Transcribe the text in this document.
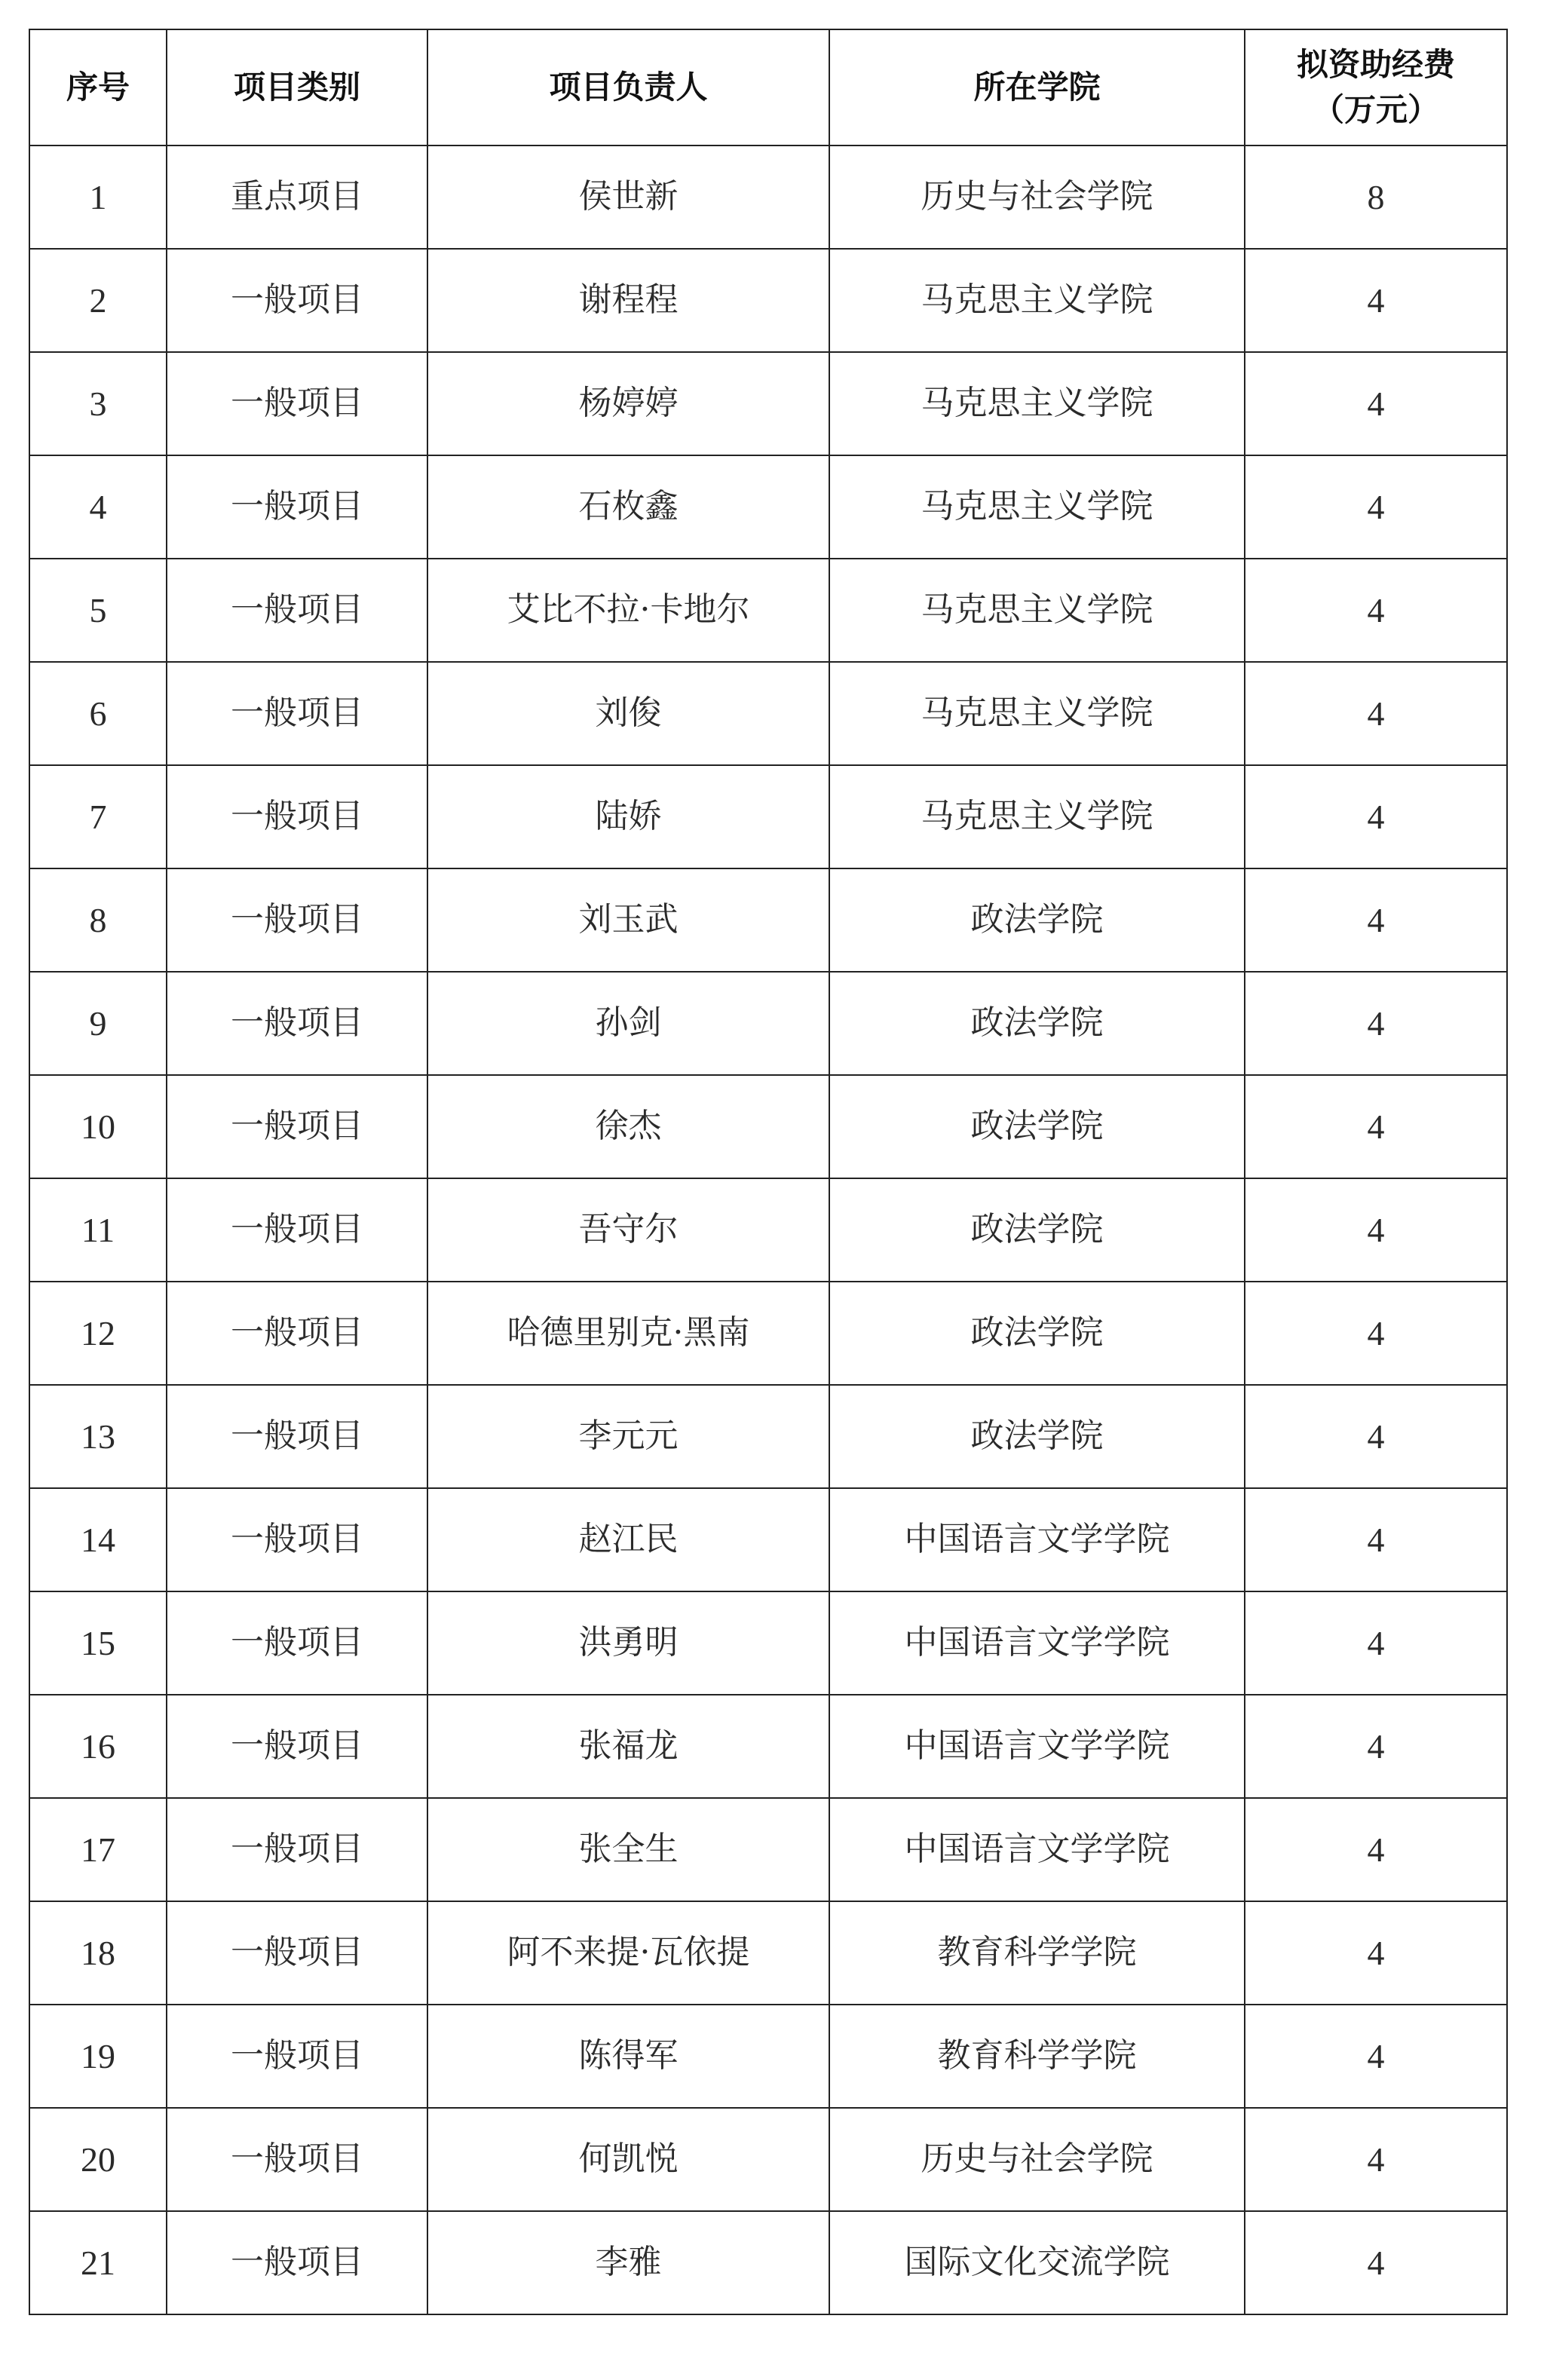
序号	项目类别	项目负责人	所在学院	拟资助经费
（万元）

1	重点项目	侯世新	历史与社会学院	8
2	一般项目	谢程程	马克思主义学院	4
3	一般项目	杨婷婷	马克思主义学院	4
4	一般项目	石枚鑫	马克思主义学院	4
5	一般项目	艾比不拉·卡地尔	马克思主义学院	4
6	一般项目	刘俊	马克思主义学院	4
7	一般项目	陆娇	马克思主义学院	4
8	一般项目	刘玉武	政法学院	4
9	一般项目	孙剑	政法学院	4
10	一般项目	徐杰	政法学院	4
11	一般项目	吾守尔	政法学院	4
12	一般项目	哈德里别克·黑南	政法学院	4
13	一般项目	李元元	政法学院	4
14	一般项目	赵江民	中国语言文学学院	4
15	一般项目	洪勇明	中国语言文学学院	4
16	一般项目	张福龙	中国语言文学学院	4
17	一般项目	张全生	中国语言文学学院	4
18	一般项目	阿不来提·瓦依提	教育科学学院	4
19	一般项目	陈得军	教育科学学院	4
20	一般项目	何凯悦	历史与社会学院	4
21	一般项目	李雅	国际文化交流学院	4
